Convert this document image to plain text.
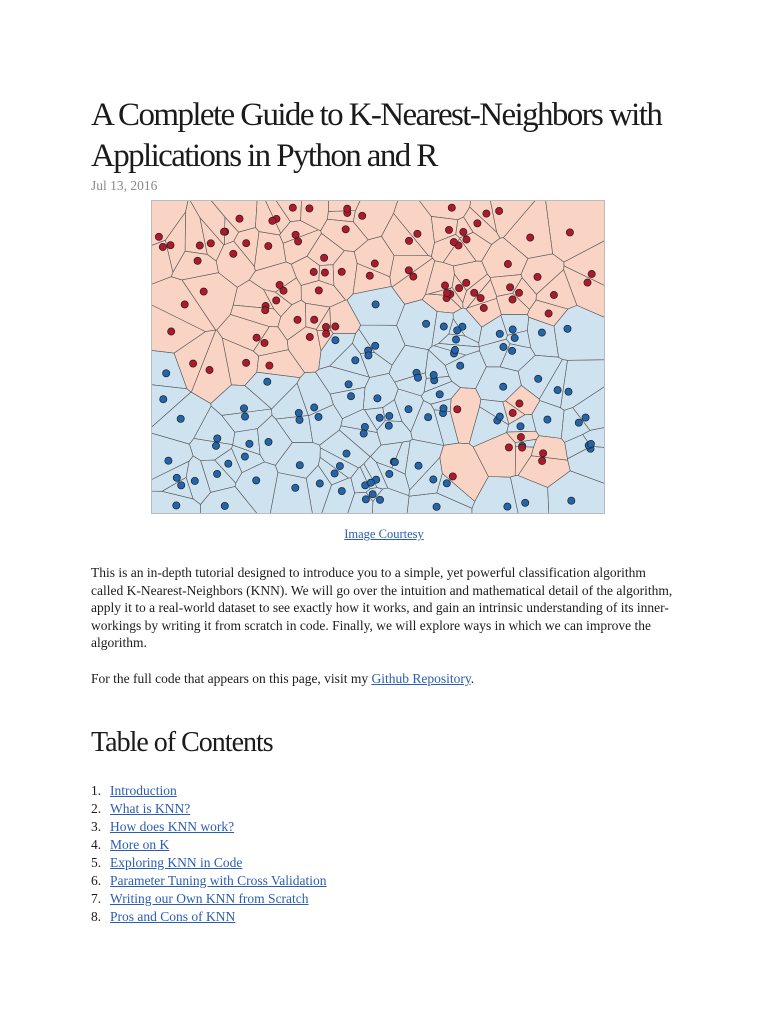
A Complete Guide to K-Nearest-Neighbors with Applications in Python and R

Jul 13, 2016

Image Courtesy

This is an in-depth tutorial designed to introduce you to a simple, yet powerful classification algorithm called K-Nearest-Neighbors (KNN). We will go over the intuition and mathematical detail of the algorithm, apply it to a real-world dataset to see exactly how it works, and gain an intrinsic understanding of its inner-workings by writing it from scratch in code. Finally, we will explore ways in which we can improve the algorithm.

For the full code that appears on this page, visit my Github Repository.

Table of Contents
1. Introduction
2. What is KNN?
3. How does KNN work?
4. More on K
5. Exploring KNN in Code
6. Parameter Tuning with Cross Validation
7. Writing our Own KNN from Scratch
8. Pros and Cons of KNN
